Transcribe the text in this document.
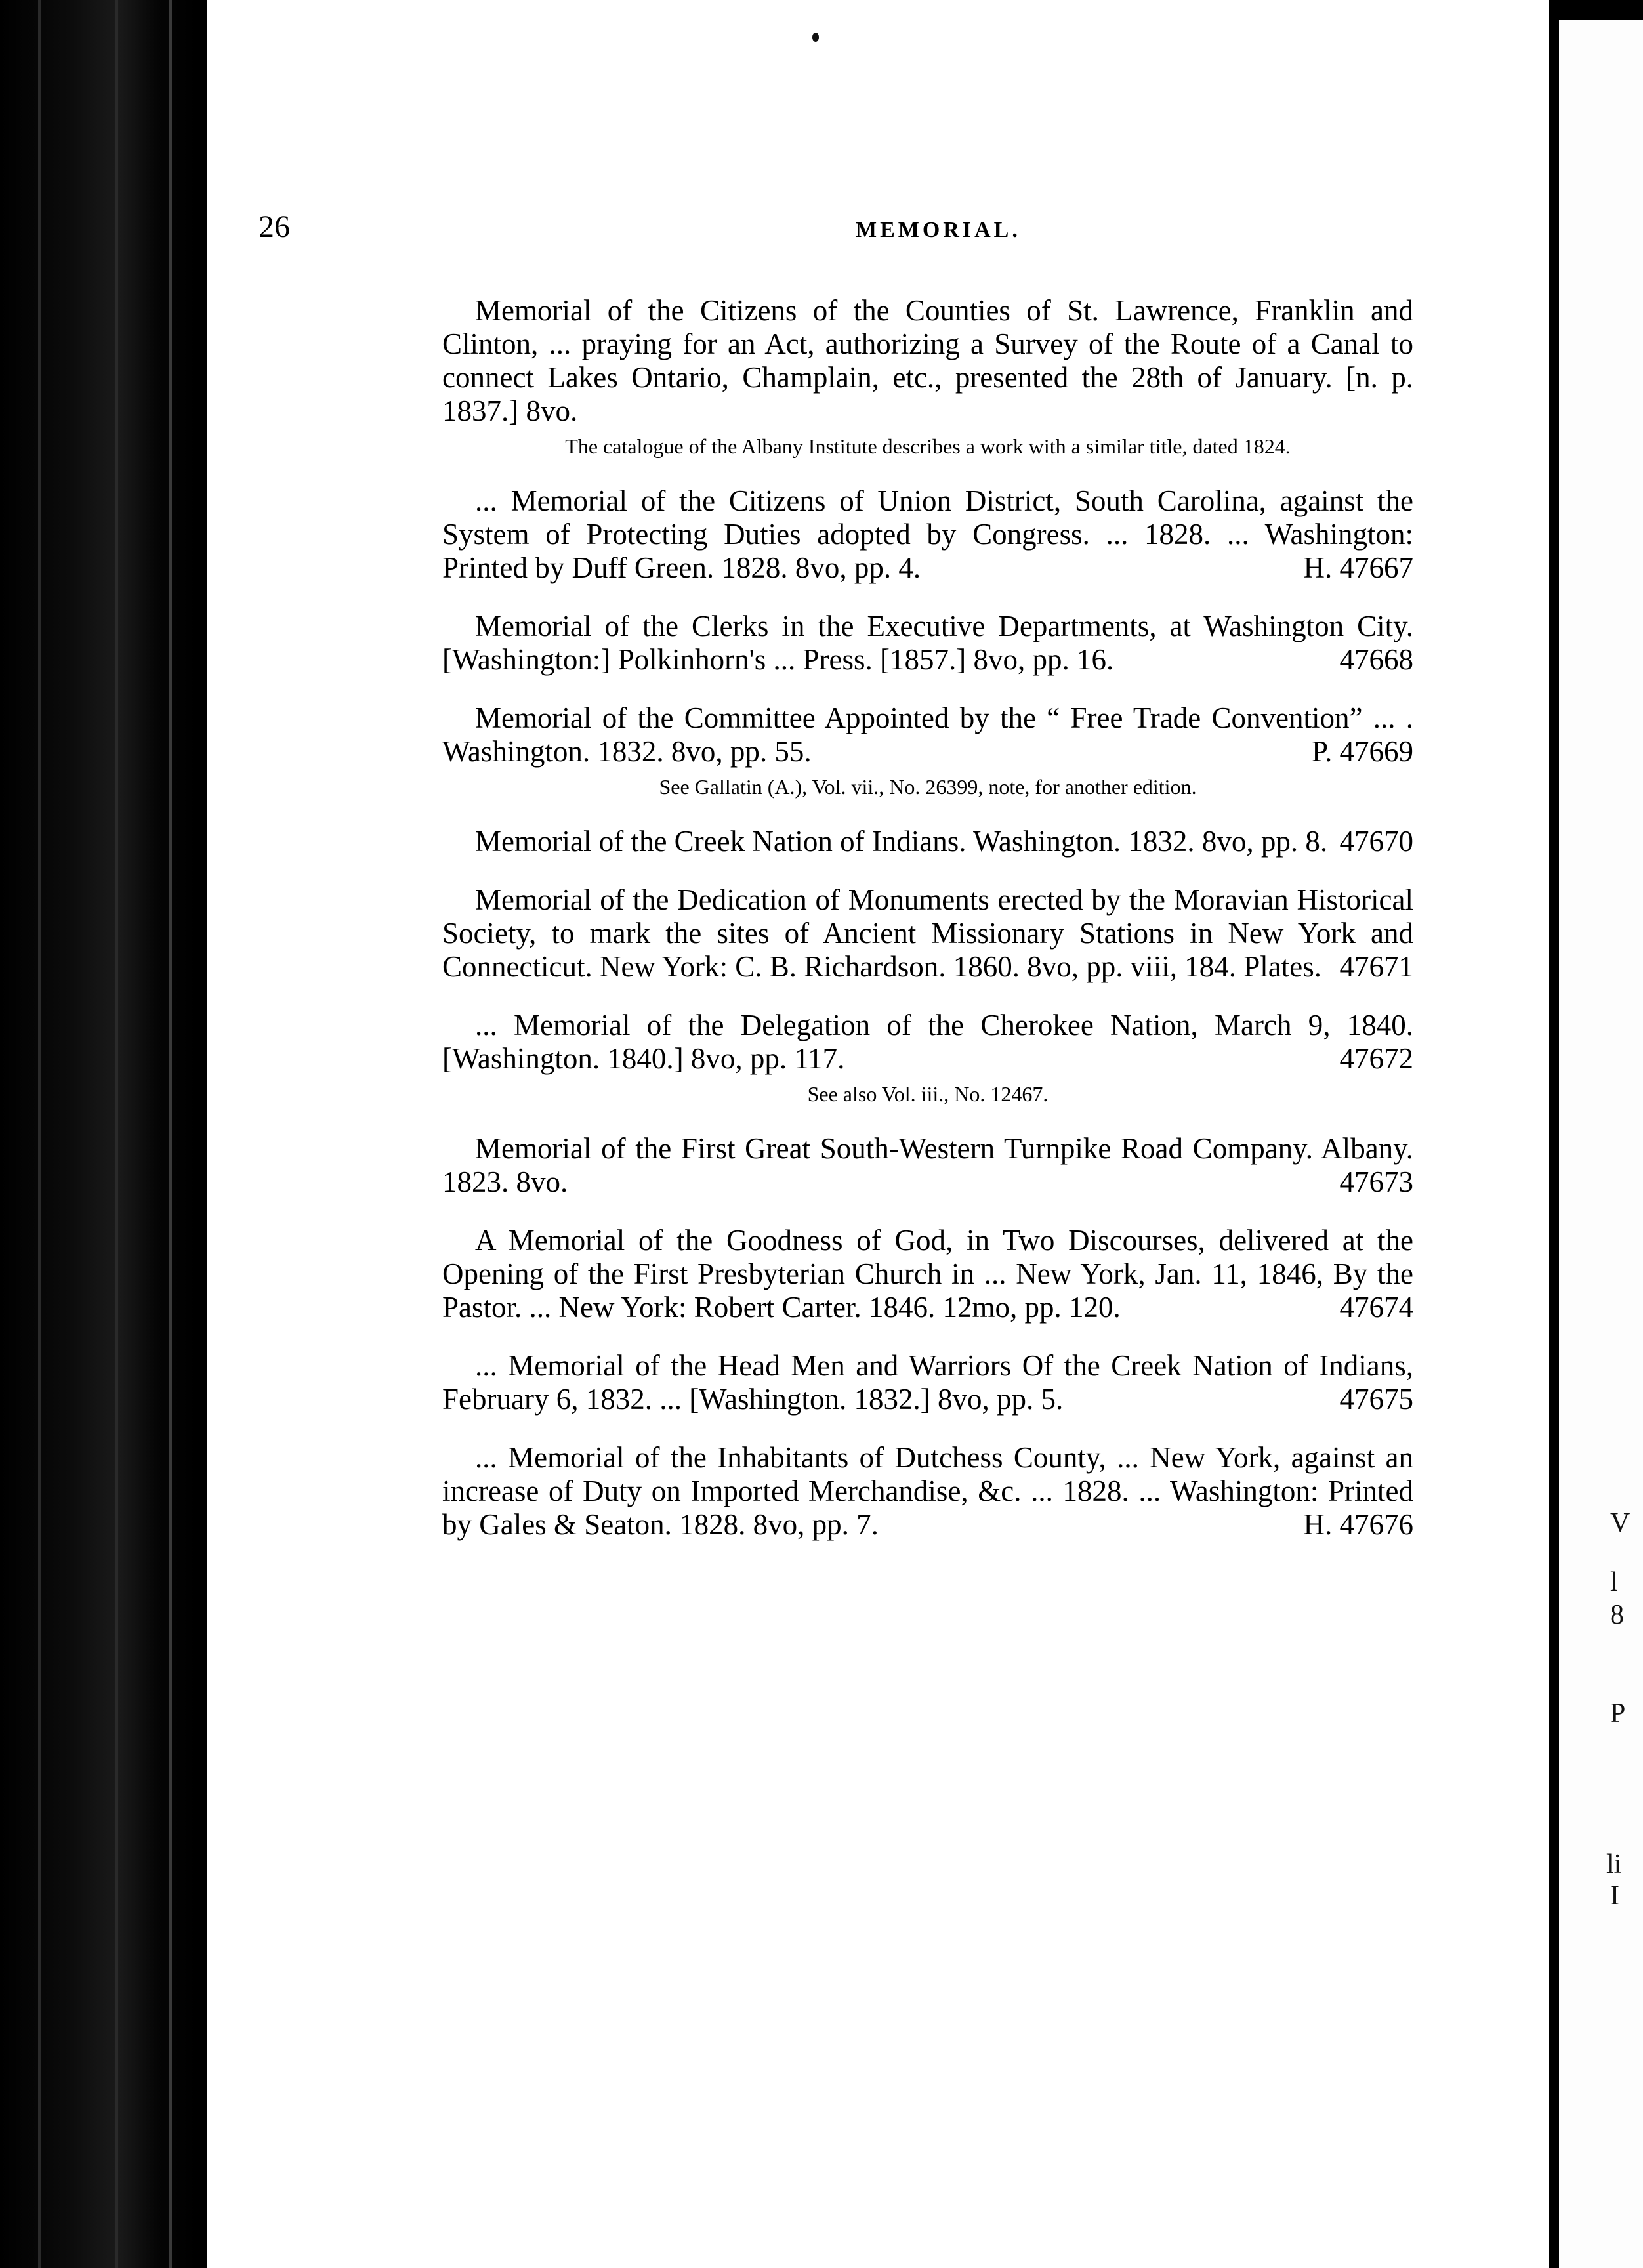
V
l
8
P
li
I
26	MEMORIAL.
Memorial of the Citizens of the Counties of St. Lawrence, Franklin and Clinton, ... praying for an Act, authorizing a Survey of the Route of a Canal to connect Lakes Ontario, Champlain, etc., presented the 28th of January. [n. p. 1837.] 8vo.
The catalogue of the Albany Institute describes a work with a similar title, dated 1824.
... Memorial of the Citizens of Union District, South Carolina, against the System of Protecting Duties adopted by Congress. ... 1828. ... Washington: Printed by Duff Green. 1828. 8vo, pp. 4.	H. 47667
Memorial of the Clerks in the Executive Departments, at Washington City. [Washington:] Polkinhorn's ... Press. [1857.] 8vo, pp. 16.	47668
Memorial of the Committee Appointed by the “ Free Trade Convention” ... . Washington. 1832. 8vo, pp. 55.	P. 47669
See Gallatin (A.), Vol. vii., No. 26399, note, for another edition.
Memorial of the Creek Nation of Indians. Washington. 1832. 8vo, pp. 8. 47670
Memorial of the Dedication of Monuments erected by the Moravian Historical Society, to mark the sites of Ancient Missionary Stations in New York and Connecticut. New York: C. B. Richardson. 1860. 8vo, pp. viii, 184. Plates. 47671
... Memorial of the Delegation of the Cherokee Nation, March 9, 1840. [Washington. 1840.] 8vo, pp. 117.	47672
See also Vol. iii., No. 12467.
Memorial of the First Great South-Western Turnpike Road Company. Albany. 1823. 8vo.	47673
A Memorial of the Goodness of God, in Two Discourses, delivered at the Opening of the First Presbyterian Church in ... New York, Jan. 11, 1846, By the Pastor. ... New York: Robert Carter. 1846. 12mo, pp. 120.	47674
... Memorial of the Head Men and Warriors Of the Creek Nation of Indians, February 6, 1832. ... [Washington. 1832.] 8vo, pp. 5.	47675
... Memorial of the Inhabitants of Dutchess County, ... New York, against an increase of Duty on Imported Merchandise, &c. ... 1828. ... Washington: Printed by Gales & Seaton. 1828. 8vo, pp. 7.	H. 47676
